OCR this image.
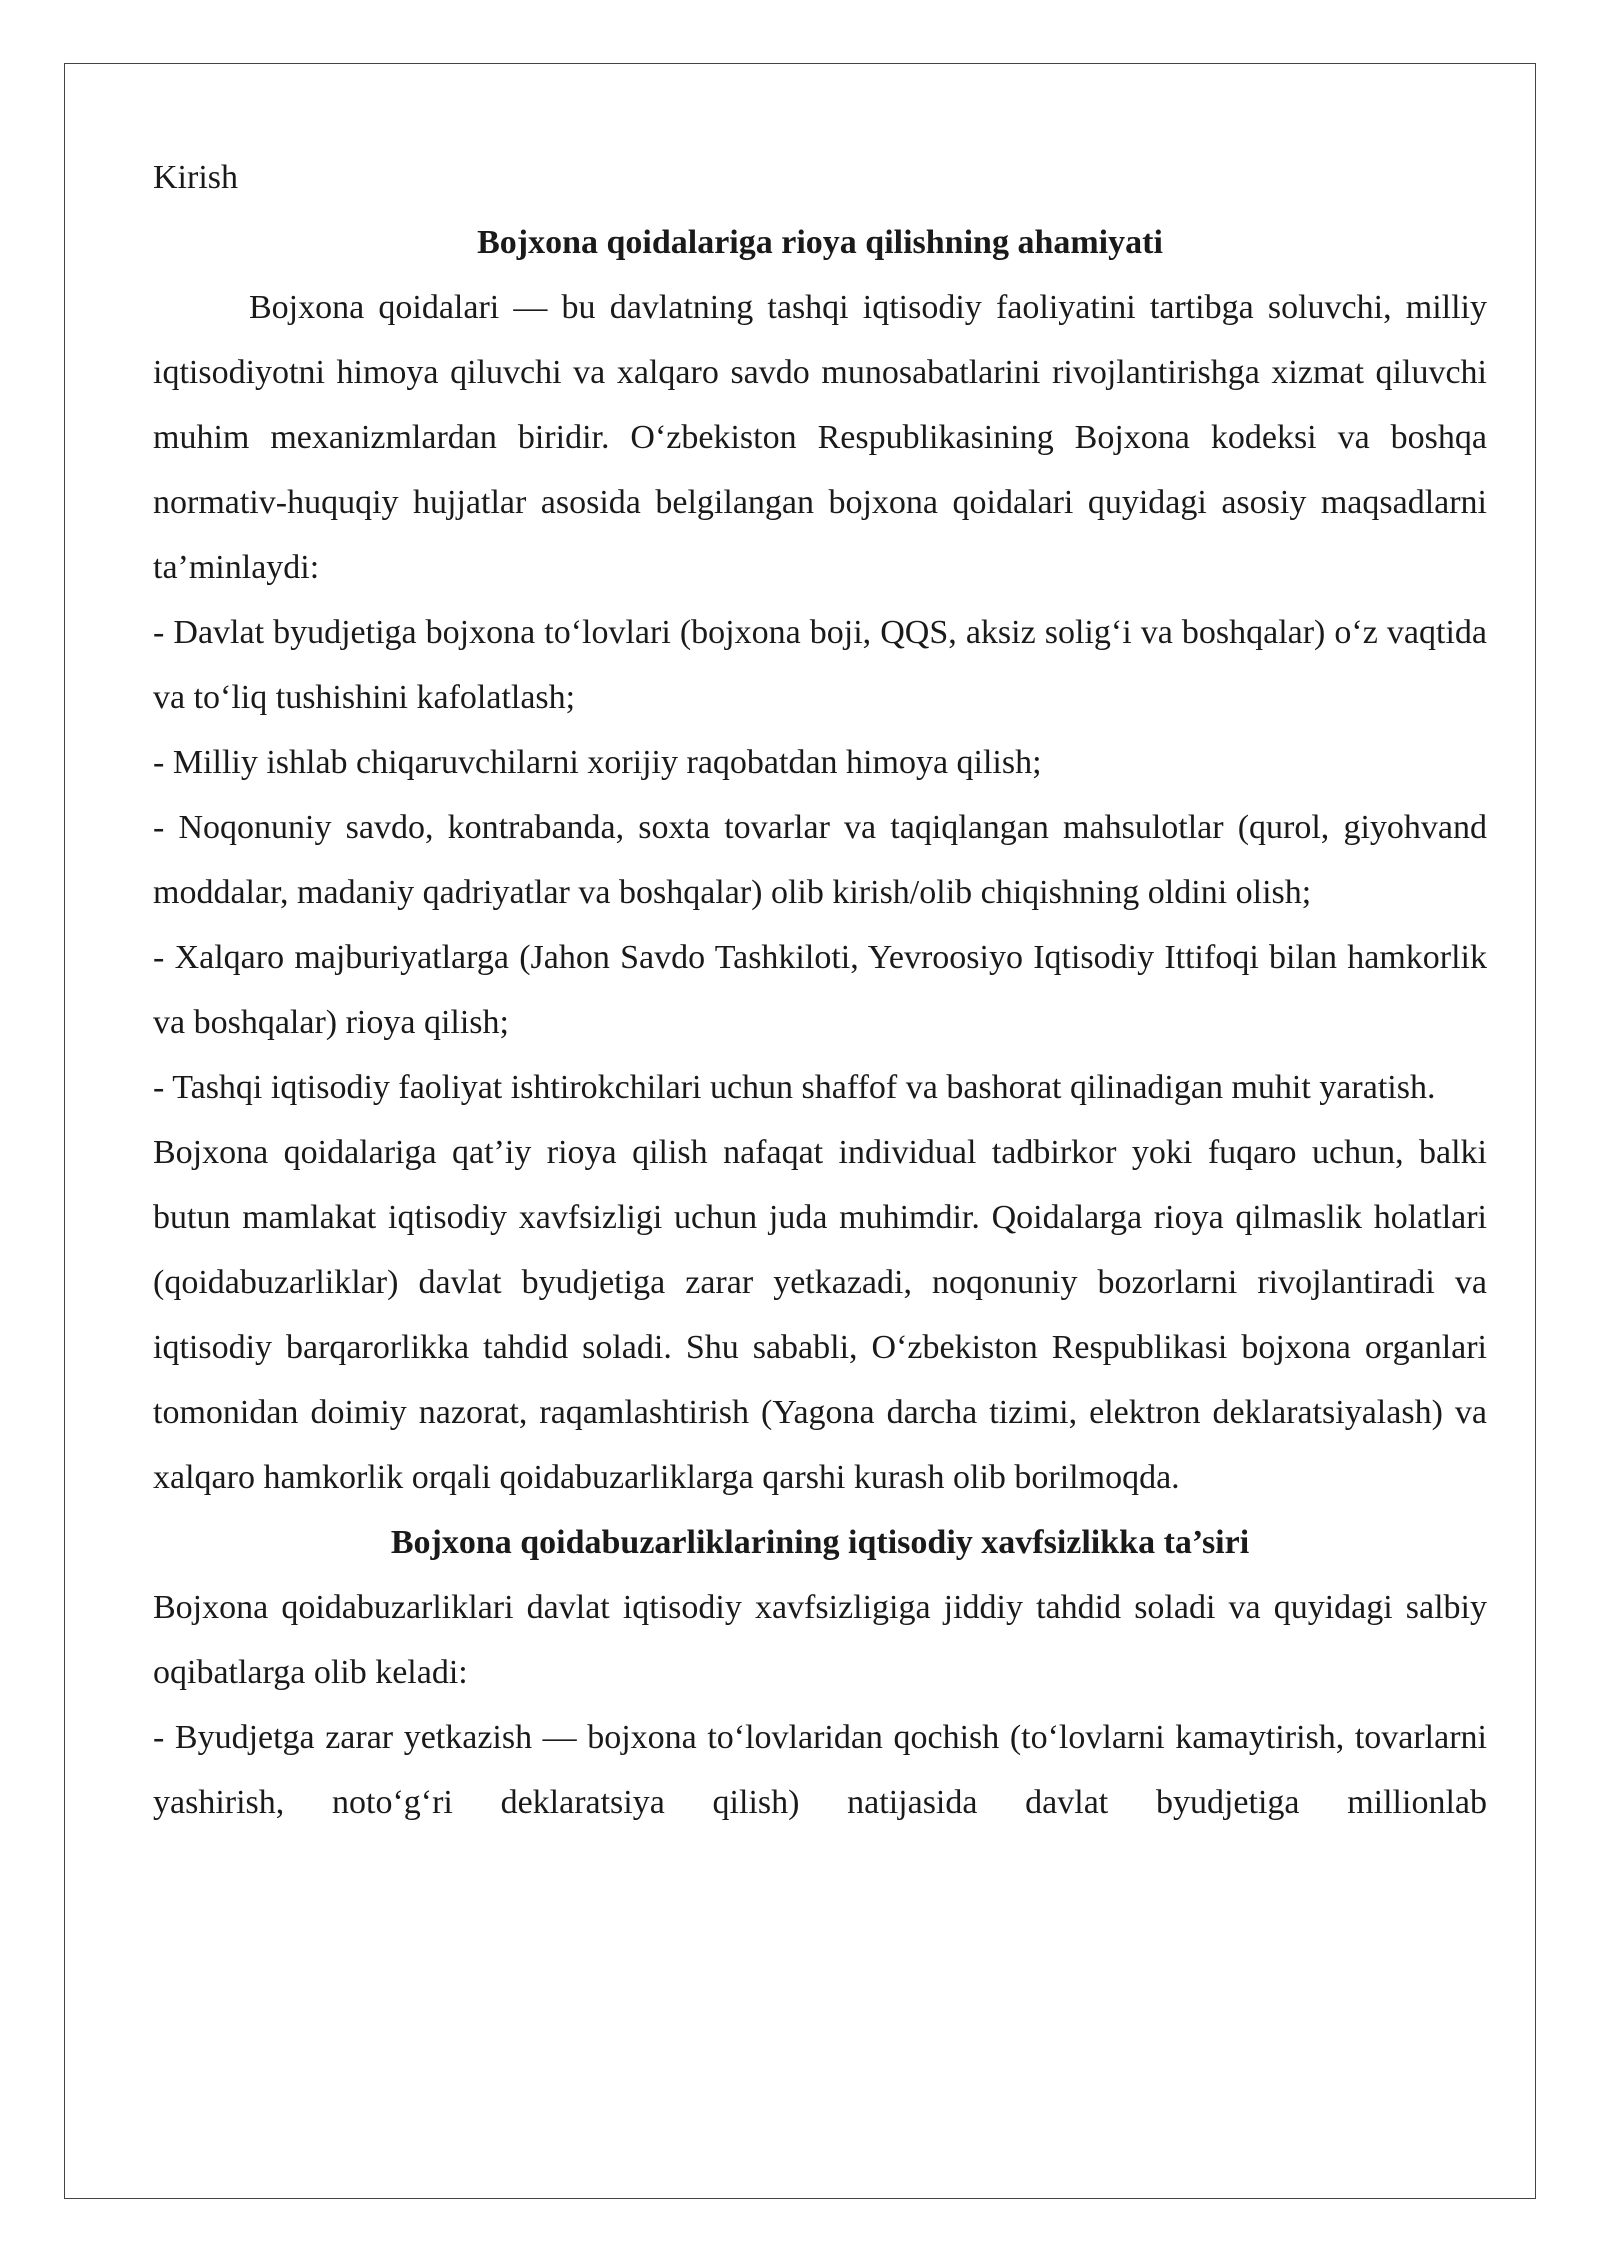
Kirish

Bojxona qoidalariga rioya qilishning ahamiyati

Bojxona qoidalari — bu davlatning tashqi iqtisodiy faoliyatini tartibga soluvchi, milliy iqtisodiyotni himoya qiluvchi va xalqaro savdo munosabatlarini rivojlantirishga xizmat qiluvchi muhim mexanizmlardan biridir. O‘zbekiston Respublikasining Bojxona kodeksi va boshqa normativ-huquqiy hujjatlar asosida belgilangan bojxona qoidalari quyidagi asosiy maqsadlarni ta’minlaydi:

- Davlat byudjetiga bojxona to‘lovlari (bojxona boji, QQS, aksiz solig‘i va boshqalar) o‘z vaqtida va to‘liq tushishini kafolatlash;

- Milliy ishlab chiqaruvchilarni xorijiy raqobatdan himoya qilish;

- Noqonuniy savdo, kontrabanda, soxta tovarlar va taqiqlangan mahsulotlar (qurol, giyohvand moddalar, madaniy qadriyatlar va boshqalar) olib kirish/olib chiqishning oldini olish;

- Xalqaro majburiyatlarga (Jahon Savdo Tashkiloti, Yevroosiyo Iqtisodiy Ittifoqi bilan hamkorlik va boshqalar) rioya qilish;

- Tashqi iqtisodiy faoliyat ishtirokchilari uchun shaffof va bashorat qilinadigan muhit yaratish.

Bojxona qoidalariga qat’iy rioya qilish nafaqat individual tadbirkor yoki fuqaro uchun, balki butun mamlakat iqtisodiy xavfsizligi uchun juda muhimdir. Qoidalarga rioya qilmaslik holatlari (qoidabuzarliklar) davlat byudjetiga zarar yetkazadi, noqonuniy bozorlarni rivojlantiradi va iqtisodiy barqarorlikka tahdid soladi. Shu sababli, O‘zbekiston Respublikasi bojxona organlari tomonidan doimiy nazorat, raqamlashtirish (Yagona darcha tizimi, elektron deklaratsiyalash) va xalqaro hamkorlik orqali qoidabuzarliklarga qarshi kurash olib borilmoqda.

Bojxona qoidabuzarliklarining iqtisodiy xavfsizlikka ta’siri

Bojxona qoidabuzarliklari davlat iqtisodiy xavfsizligiga jiddiy tahdid soladi va quyidagi salbiy oqibatlarga olib keladi:

- Byudjetga zarar yetkazish — bojxona to‘lovlaridan qochish (to‘lovlarni kamaytirish, tovarlarni yashirish, noto‘g‘ri deklaratsiya qilish) natijasida davlat byudjetiga millionlab
